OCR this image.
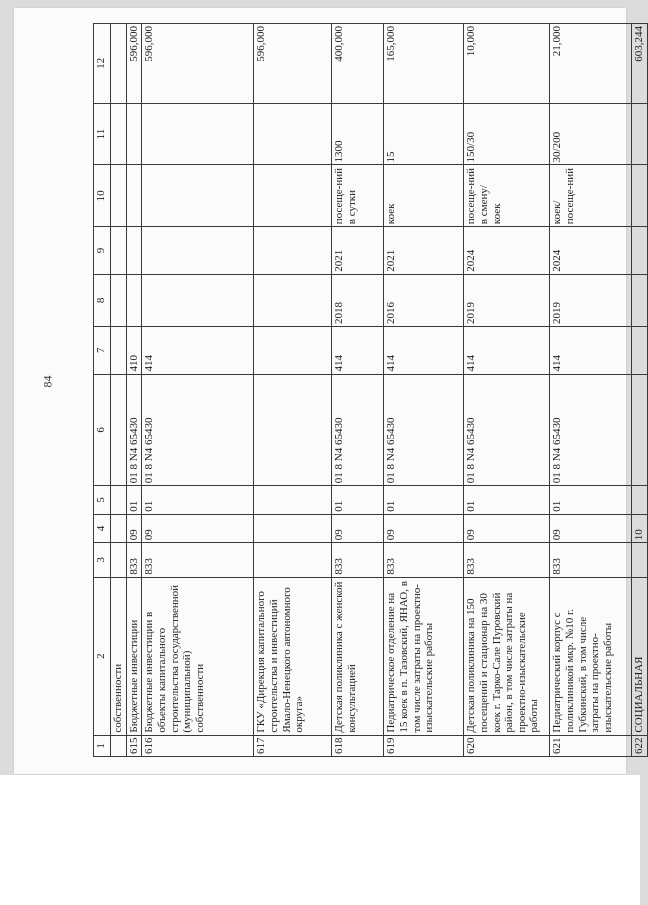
84
1	2	3	4	5	6	7	8	9	10	11	12
	собственности										
615	Бюджетные инвестиции	833	09	01	01 8 N4 65430	410					596,000
616	Бюджетные инвестиции в объекты капитального строительства государственной (муниципальной) собственности	833	09	01	01 8 N4 65430	414					596,000
617	ГКУ «Дирекция капитального строительства и инвестиций Ямало-Ненецкого автономного округа»										596,000
618	Детская поликлиника с женской консультацией	833	09	01	01 8 N4 65430	414	2018	2021	посеще-ний в сутки	1300	400,000
619	Педиатрическое отделение на 15 коек в п. Тазовский, ЯНАО, в том числе затраты на проектно-изыскательские работы	833	09	01	01 8 N4 65430	414	2016	2021	коек	15	165,000
620	Детская поликлиника на 150 посещений и стационар на 30 коек г. Тарко-Сале Пуровский район, в том числе затраты на проектно-изыскательские работы	833	09	01	01 8 N4 65430	414	2019	2024	посеще-ний в смену/ коек	150/30	10,000
621	Педиатрический корпус с поликлиникой мкр. №10 г. Губкинский, в том числе затраты на проектно-изыскательские работы	833	09	01	01 8 N4 65430	414	2019	2024	коек/ посеще-ний	30/200	21,000
622	СОЦИАЛЬНАЯ		10								603,244
